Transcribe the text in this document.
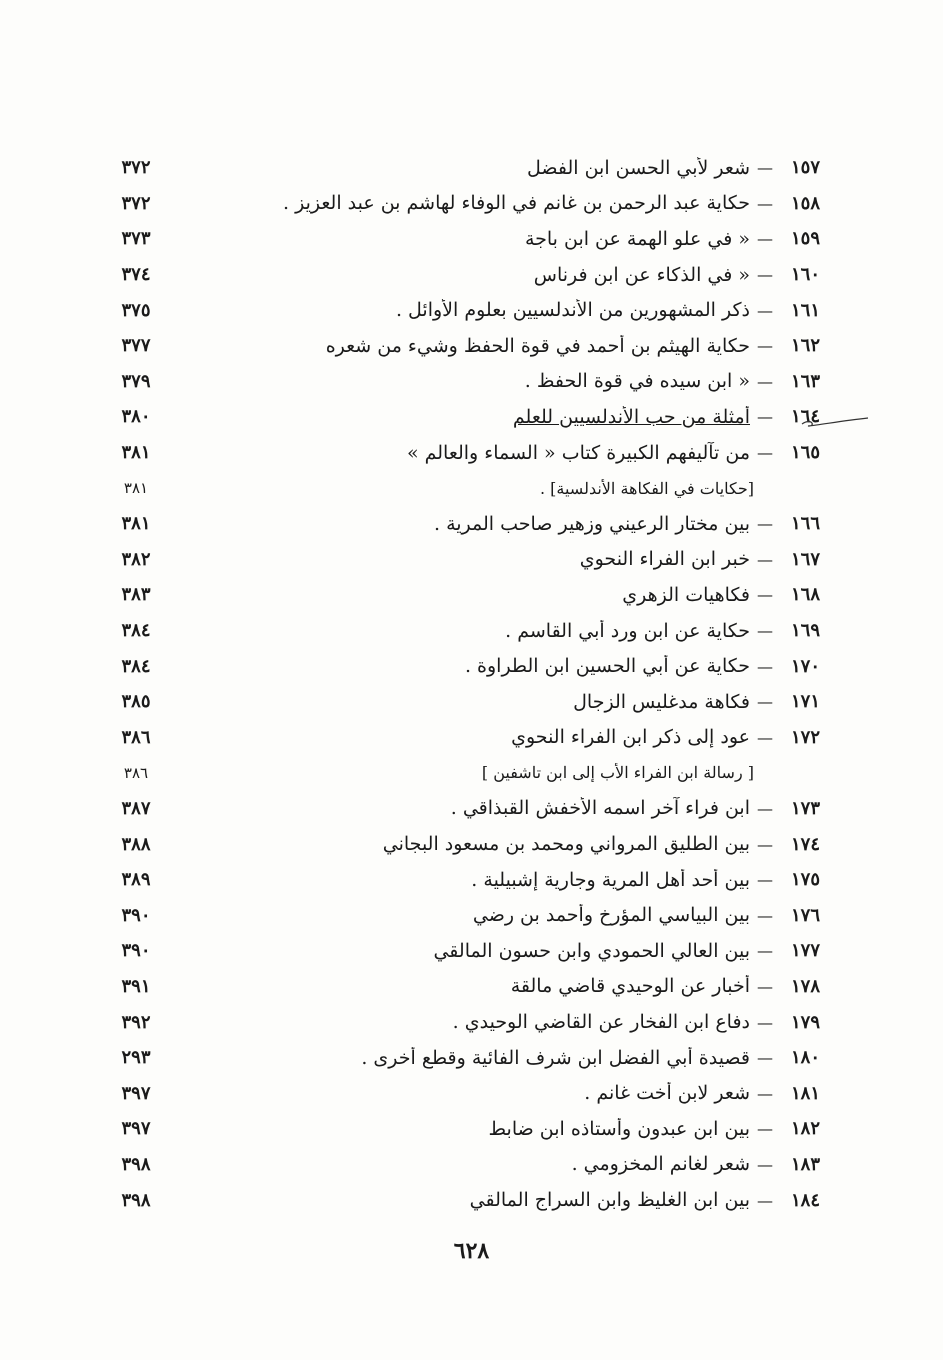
١٥٧
—
شعر لأبي الحسن ابن الفضل
٣٧٢
١٥٨
—
حكاية عبد الرحمن بن غانم في الوفاء لهاشم بن عبد العزيز .
٣٧٢
١٥٩
—
« في علو الهمة عن ابن باجة
٣٧٣
١٦٠
—
« في الذكاء عن ابن فرناس
٣٧٤
١٦١
—
ذكر المشهورين من الأندلسيين بعلوم الأوائل .
٣٧٥
١٦٢
—
حكاية الهيثم بن أحمد في قوة الحفظ وشيء من شعره
٣٧٧
١٦٣
—
« ابن سيده في قوة الحفظ .
٣٧٩
١٦٤
—
أمثلة من حب الأندلسيين للعلم
٣٨٠
١٦٥
—
من تآليفهم الكبيرة كتاب « السماء والعالم »
٣٨١
[حكايات في الفكاهة الأندلسية] .
٣٨١
١٦٦
—
بين مختار الرعيني وزهير صاحب المرية .
٣٨١
١٦٧
—
خبر ابن الفراء النحوي
٣٨٢
١٦٨
—
فكاهيات الزهري
٣٨٣
١٦٩
—
حكاية عن ابن ورد أبي القاسم .
٣٨٤
١٧٠
—
حكاية عن أبي الحسين ابن الطراوة .
٣٨٤
١٧١
—
فكاهة مدغليس الزجال
٣٨٥
١٧٢
—
عود إلى ذكر ابن الفراء النحوي
٣٨٦
[ رسالة ابن الفراء الأب إلى ابن تاشفين ]
٣٨٦
١٧٣
—
ابن فراء آخر اسمه الأخفش القبذاقي .
٣٨٧
١٧٤
—
بين الطليق المرواني ومحمد بن مسعود البجاني
٣٨٨
١٧٥
—
بين أحد أهل المرية وجارية إشبيلية .
٣٨٩
١٧٦
—
بين البياسي المؤرخ وأحمد بن رضي
٣٩٠
١٧٧
—
بين العالي الحمودي وابن حسون المالقي
٣٩٠
١٧٨
—
أخبار عن الوحيدي قاضي مالقة
٣٩١
١٧٩
—
دفاع ابن الفخار عن القاضي الوحيدي .
٣٩٢
١٨٠
—
قصيدة أبي الفضل ابن شرف الفائية وقطع أخرى .
٢٩٣
١٨١
—
شعر لابن أخت غانم .
٣٩٧
١٨٢
—
بين ابن عبدون وأستاذه ابن ضابط
٣٩٧
١٨٣
—
شعر لغانم المخزومي .
٣٩٨
١٨٤
—
بين ابن الغليظ وابن السراج المالقي
٣٩٨
٦٢٨
